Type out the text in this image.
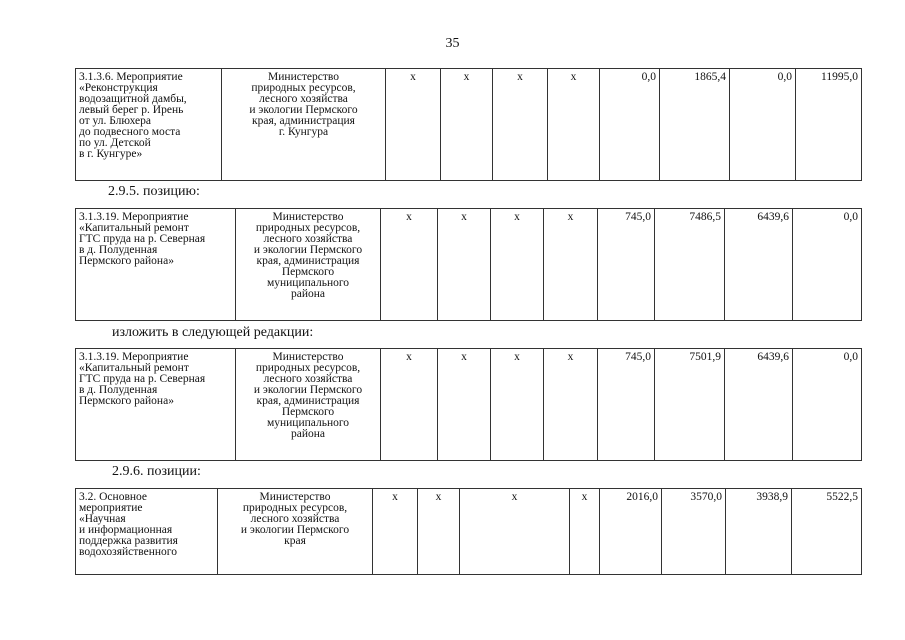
35
3.1.3.6. Мероприятие
«Реконструкция
водозащитной дамбы,
левый берег р. Ирень
от ул. Блюхера
до подвесного моста
по ул. Детской
в г. Кунгуре»	Министерство
природных ресурсов,
лесного хозяйства
и экологии Пермского
края, администрация
г. Кунгура	х	х	х	х	0,0	1865,4	0,0	11995,0
2.9.5. позицию:
3.1.3.19. Мероприятие
«Капитальный ремонт
ГТС пруда на р. Северная
в д. Полуденная
Пермского района»	Министерство
природных ресурсов,
лесного хозяйства
и экологии Пермского
края, администрация
Пермского
муниципального
района	х	х	х	х	745,0	7486,5	6439,6	0,0
изложить в следующей редакции:
3.1.3.19. Мероприятие
«Капитальный ремонт
ГТС пруда на р. Северная
в д. Полуденная
Пермского района»	Министерство
природных ресурсов,
лесного хозяйства
и экологии Пермского
края, администрация
Пермского
муниципального
района	х	х	х	х	745,0	7501,9	6439,6	0,0
2.9.6. позиции:
3.2. Основное
мероприятие
«Научная
и информационная
поддержка развития
водохозяйственного	Министерство
природных ресурсов,
лесного хозяйства
и экологии Пермского
края	х	х	х	х	2016,0	3570,0	3938,9	5522,5
